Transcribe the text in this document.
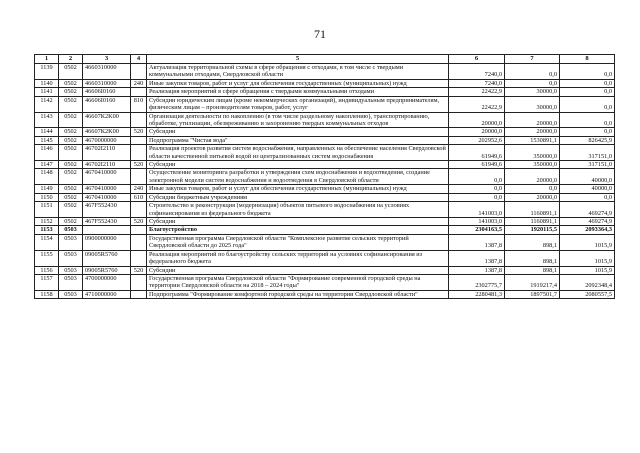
71
1	2	3	4	5	6	7	8
1139	0502	4660310000		Актуализация территориальной схемы в сфере обращения с отходами, в том числе с твердыми коммунальными отходами, Свердловской области	7240,0	0,0	0,0
1140	0502	4660310000	240	Иные закупки товаров, работ и услуг для обеспечения государственных (муниципальных) нужд	7240,0	0,0	0,0
1141	0502	46606I0160		Реализация мероприятий в сфере обращения с твердыми коммунальными отходами	22422,9	30000,0	0,0
1142	0502	46606I0160	810	Субсидии юридическим лицам (кроме некоммерческих организаций), индивидуальным предпринимателям, физическим лицам – производителям товаров, работ, услуг	22422,9	30000,0	0,0
1143	0502	46607К2K00		Организация деятельности по накоплению (в том числе раздельному накоплению), транспортированию, обработке, утилизации, обезвреживанию и захоронению твердых коммунальных отходов	20000,0	20000,0	0,0
1144	0502	46607К2K00	520	Субсидии	20000,0	20000,0	0,0
1145	0502	4670000000		Подпрограмма "Чистая вода"	202952,6	1530891,1	826425,9
1146	0502	46702I2110		Реализация проектов развития систем водоснабжения, направленных на обеспечение населения Свердловской области качественной питьевой водой из централизованных систем водоснабжения	61949,6	350000,0	317151,0
1147	0502	46702I2110	520	Субсидии	61949,6	350000,0	317151,0
1148	0502	4670410000		Осуществление мониторинга разработки и утверждения схем водоснабжения и водоотведения, создание электронной модели систем водоснабжения и водоотведения в Свердловской области	0,0	20000,0	40000,0
1149	0502	4670410000	240	Иные закупки товаров, работ и услуг для обеспечения государственных (муниципальных) нужд	0,0	0,0	40000,0
1150	0502	4670410000	610	Субсидии бюджетным учреждениям	0,0	20000,0	0,0
1151	0502	467F552430		Строительство и реконструкция (модернизация) объектов питьевого водоснабжения на условиях софинансирования из федерального бюджета	141003,0	1160891,1	469274,9
1152	0502	467F552430	520	Субсидии	141003,0	1160891,1	469274,9
1153	0503			Благоустройство	2304163,5	1920115,5	2093364,3
1154	0503	0900000000		Государственная программа Свердловской области "Комплексное развитие сельских территорий Свердловской области до 2025 года"	1387,8	898,1	1015,9
1155	0503	09005R5760		Реализация мероприятий по благоустройству сельских территорий на условиях софинансирования из федерального бюджета	1387,8	898,1	1015,9
1156	0503	09005R5760	520	Субсидии	1387,8	898,1	1015,9
1157	0503	4700000000		Государственная программа Свердловской области "Формирование современной городской среды на территории Свердловской области на 2018 – 2024 годы"	2302775,7	1919217,4	2092348,4
1158	0503	4710000000		Подпрограмма "Формирование комфортной городской среды на территории Свердловской области"	2280481,3	1897501,7	2080557,5
